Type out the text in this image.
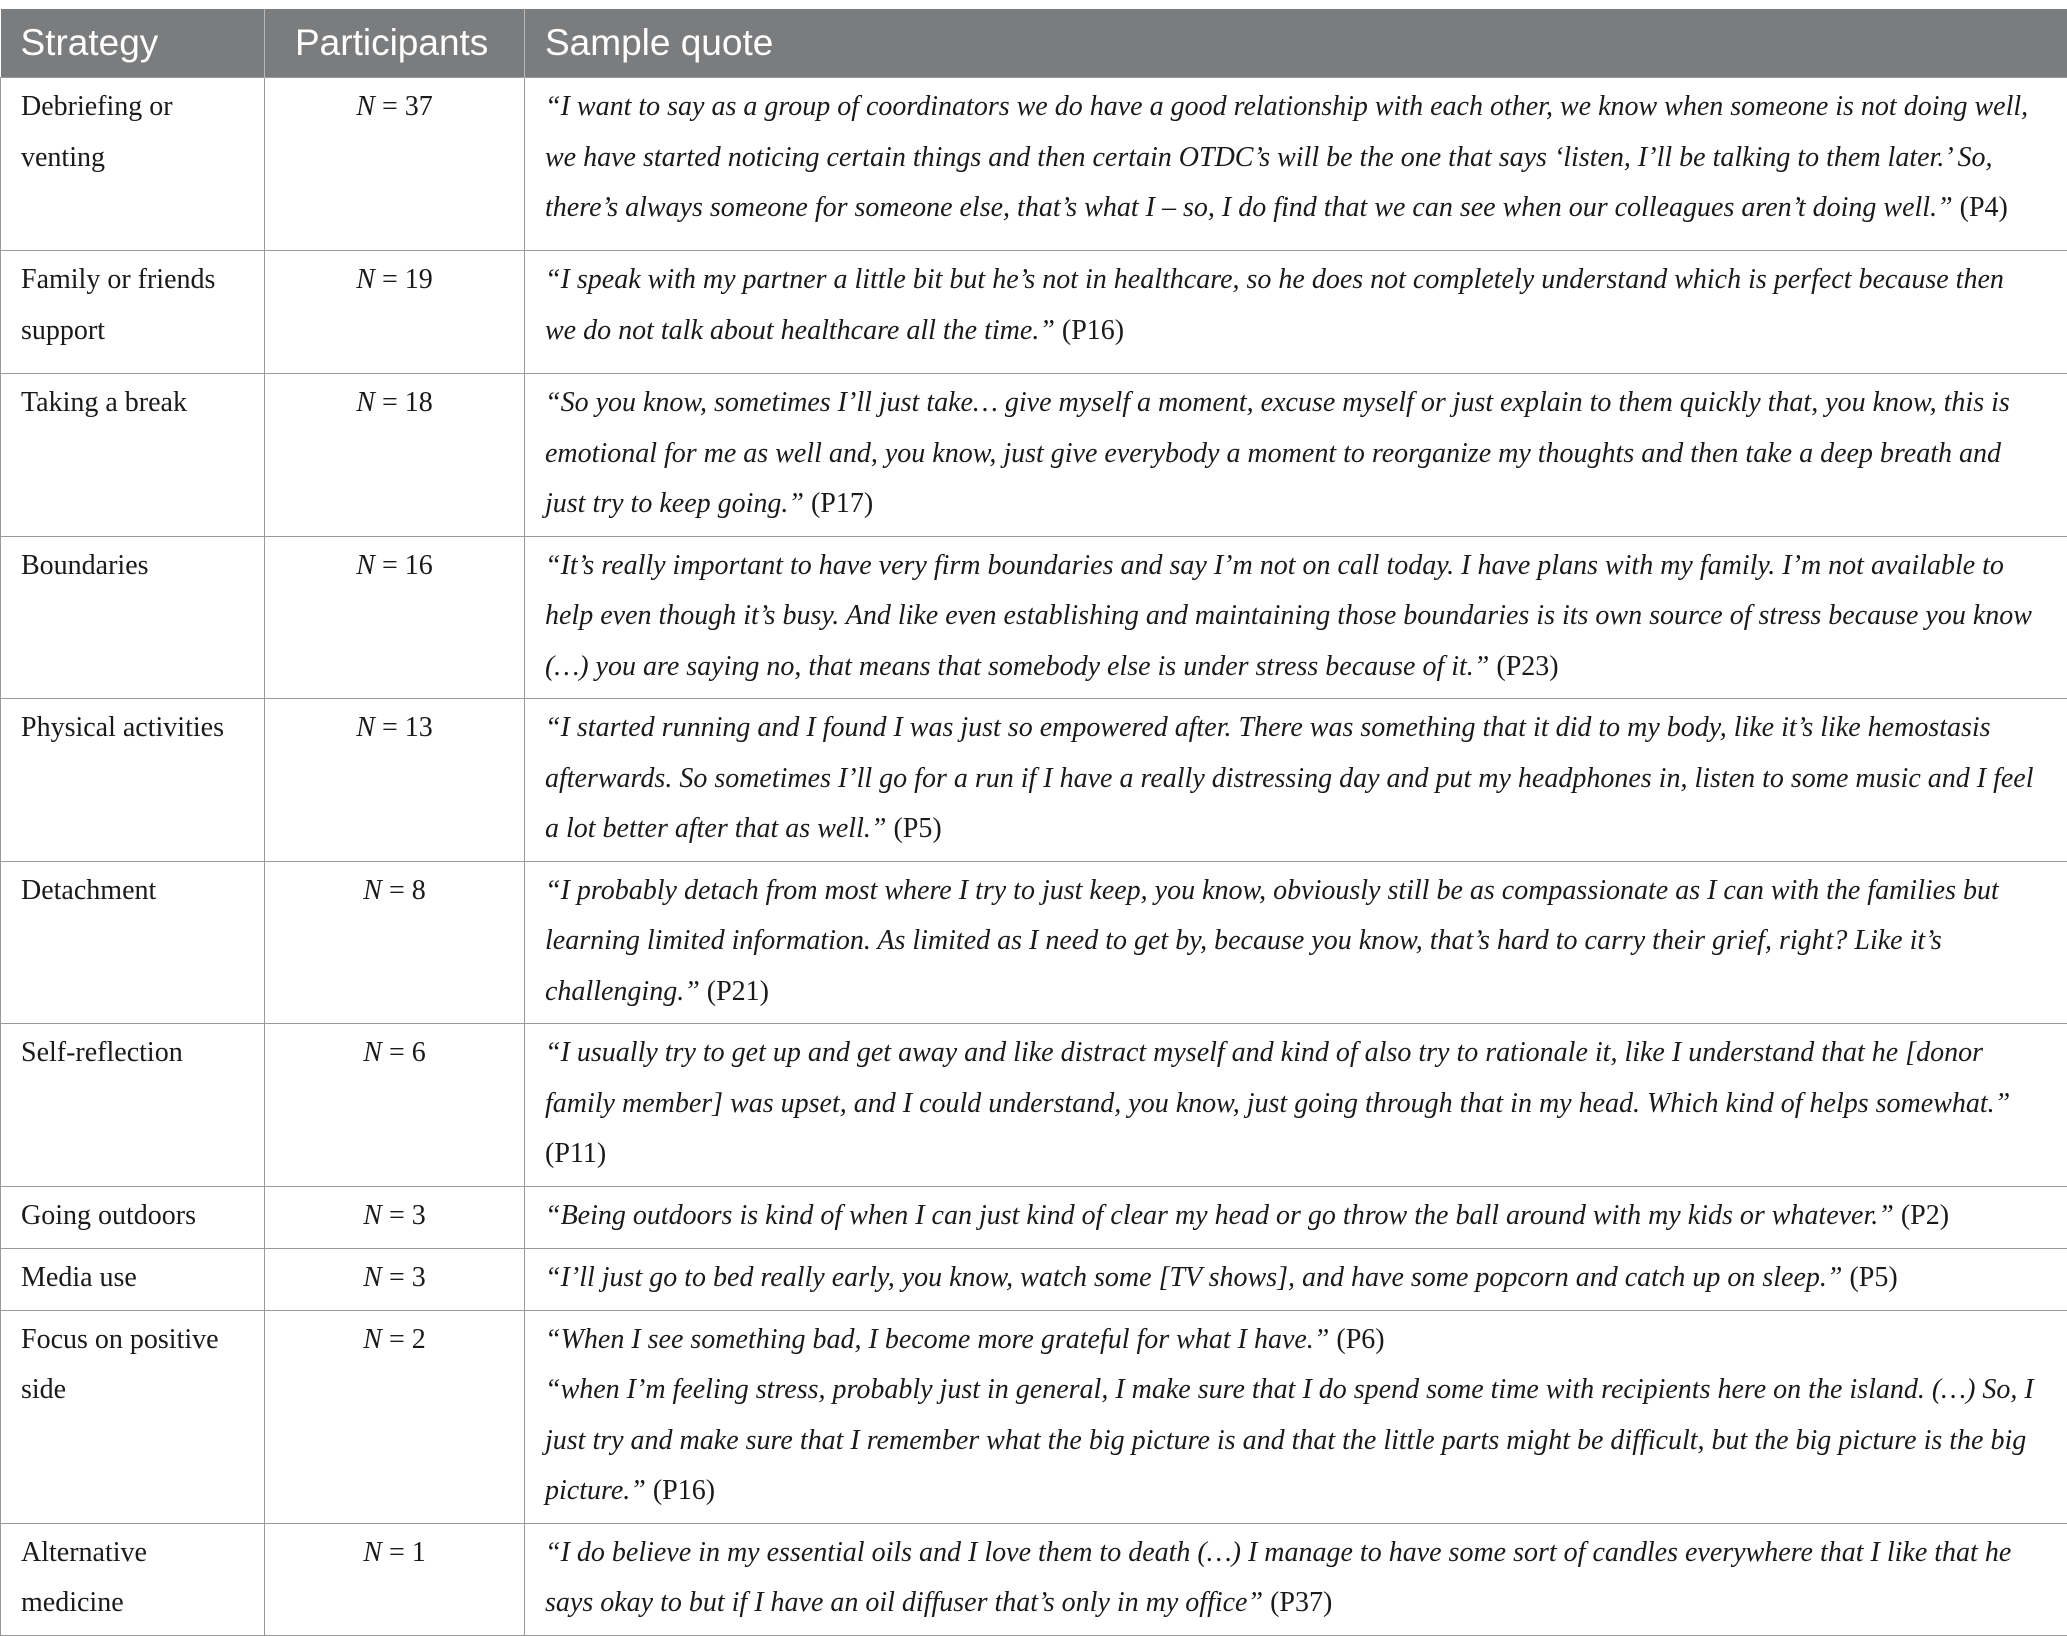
Strategy	Participants	Sample quote
Debriefing or venting	N = 37	“I want to say as a group of coordinators we do have a good relationship with each other, we know when someone is not doing well, we have started noticing certain things and then certain OTDC’s will be the one that says ‘listen, I’ll be talking to them later.’ So, there’s always someone for someone else, that’s what I – so, I do find that we can see when our colleagues aren’t doing well.” (P4)

Family or friends support	N = 19	“I speak with my partner a little bit but he’s not in healthcare, so he does not completely understand which is perfect because then we do not talk about healthcare all the time.” (P16)

Taking a break	N = 18	“So you know, sometimes I’ll just take… give myself a moment, excuse myself or just explain to them quickly that, you know, this is emotional for me as well and, you know, just give everybody a moment to reorganize my thoughts and then take a deep breath and just try to keep going.” (P17)

Boundaries	N = 16	“It’s really important to have very firm boundaries and say I’m not on call today. I have plans with my family. I’m not available to help even though it’s busy. And like even establishing and maintaining those boundaries is its own source of stress because you know (…) you are saying no, that means that somebody else is under stress because of it.” (P23)

Physical activities	N = 13	“I started running and I found I was just so empowered after. There was something that it did to my body, like it’s like hemostasis afterwards. So sometimes I’ll go for a run if I have a really distressing day and put my headphones in, listen to some music and I feel a lot better after that as well.” (P5)

Detachment	N = 8	“I probably detach from most where I try to just keep, you know, obviously still be as compassionate as I can with the families but learning limited information. As limited as I need to get by, because you know, that’s hard to carry their grief, right? Like it’s challenging.” (P21)

Self-reflection	N = 6	“I usually try to get up and get away and like distract myself and kind of also try to rationale it, like I understand that he [donor family member] was upset, and I could understand, you know, just going through that in my head. Which kind of helps somewhat.” (P11)

Going outdoors	N = 3	“Being outdoors is kind of when I can just kind of clear my head or go throw the ball around with my kids or whatever.” (P2)

Media use	N = 3	“I’ll just go to bed really early, you know, watch some [TV shows], and have some popcorn and catch up on sleep.” (P5)

Focus on positive side	N = 2	“When I see something bad, I become more grateful for what I have.” (P6)
“when I’m feeling stress, probably just in general, I make sure that I do spend some time with recipients here on the island. (…) So, I just try and make sure that I remember what the big picture is and that the little parts might be difficult, but the big picture is the big picture.” (P16)

Alternative medicine	N = 1	“I do believe in my essential oils and I love them to death (…) I manage to have some sort of candles everywhere that I like that he says okay to but if I have an oil diffuser that’s only in my office” (P37)
